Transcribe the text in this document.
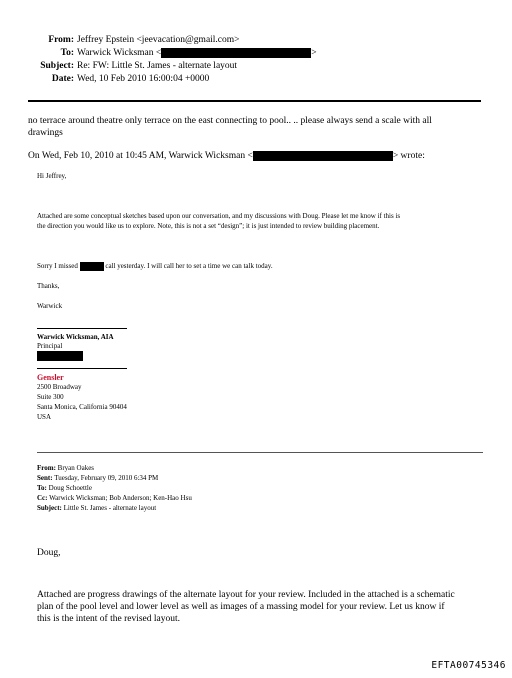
From: Jeffrey Epstein <jeevacation@gmail.com>
To: Warwick Wicksman <	>
Subject: Re: FW: Little St. James - alternate layout
Date: Wed, 10 Feb 2010 16:00:04 +0000
no terrace around theatre only terrace on the east connecting to pool.. .. please always send a scale with all
drawings
On Wed, Feb 10, 2010 at 10:45 AM, Warwick Wicksman <	> wrote:
Hi Jeffrey,
Attached are some conceptual sketches based upon our conversation, and my discussions with Doug. Please let me know if this is
the direction you would like us to explore. Note, this is not a set “design”; it is just intended to review building placement.
Sorry I missed	call yesterday. I will call her to set a time we can talk today.
Thanks,
Warwick
Warwick Wicksman, AIA
Principal
Gensler
2500 Broadway
Suite 300
Santa Monica, California 90404
USA
From: Bryan Oakes
Sent: Tuesday, February 09, 2010 6:34 PM
To: Doug Schoettle
Cc: Warwick Wicksman; Bob Anderson; Ken-Hao Hsu
Subject: Little St. James - alternate layout
Doug,
Attached are progress drawings of the alternate layout for your review. Included in the attached is a schematic
plan of the pool level and lower level as well as images of a massing model for your review. Let us know if
this is the intent of the revised layout.
EFTA00745346
